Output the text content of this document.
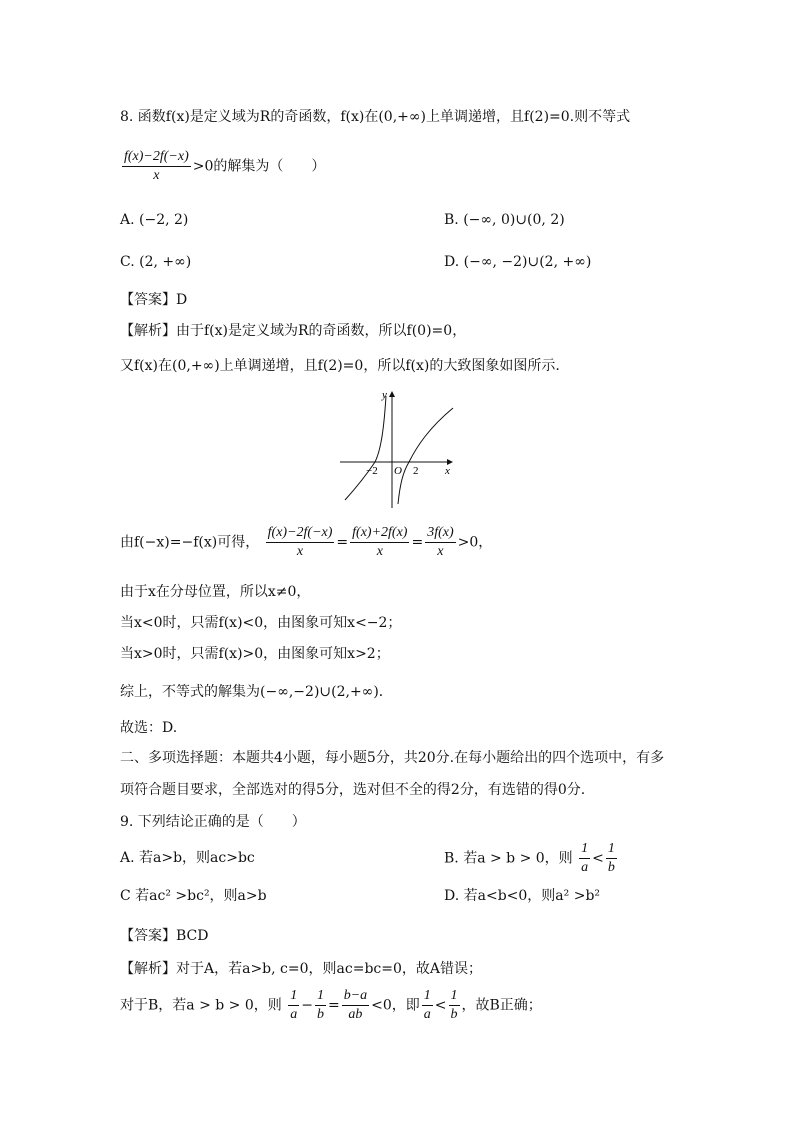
8. 函数f(x)是定义域为R的奇函数，f(x)在(0,+∞)上单调递增，且f(2)=0.则不等式
$\frac{f(x)-2f(-x)}{x} >0$的解集为（　　）
A. (−2, 2)	B. (−∞, 0)∪(0, 2)
C. (2, +∞)	D. (−∞, −2)∪(2, +∞)
【答案】D
【解析】由于f(x)是定义域为R的奇函数，所以f(0)=0，
又f(x)在(0,+∞)上单调递增，且f(2)=0，所以f(x)的大致图象如图所示.
y
x
O
−2	2
由f(−x)=−f(x)可得， $\frac{f(x)-2f(-x)}{x} = \frac{f(x)+2f(x)}{x} = \frac{3f(x)}{x} >0$，
由于x在分母位置，所以x≠0，
当x<0时，只需f(x)<0，由图象可知x<−2；
当x>0时，只需f(x)>0，由图象可知x>2；
综上，不等式的解集为(−∞,−2)∪(2,+∞)．
故选：D.
二、多项选择题：本题共4小题，每小题5分，共20分.在每小题给出的四个选项中，有多
项符合题目要求，全部选对的得5分，选对但不全的得2分，有选错的得0分.
9. 下列结论正确的是（　　）
A. 若a>b，则ac>bc	B. 若a > b > 0，则 $\frac{1}{a} < \frac{1}{b}$
C 若ac² >bc²，则a>b	D. 若a<b<0，则a² >b²
【答案】BCD
【解析】对于A，若a>b, c=0，则ac=bc=0，故A错误；
对于B，若a > b > 0，则 $\frac{1}{a} - \frac{1}{b} = \frac{b-a}{ab} <0$，即 $\frac{1}{a} < \frac{1}{b}$ ，故B正确；
